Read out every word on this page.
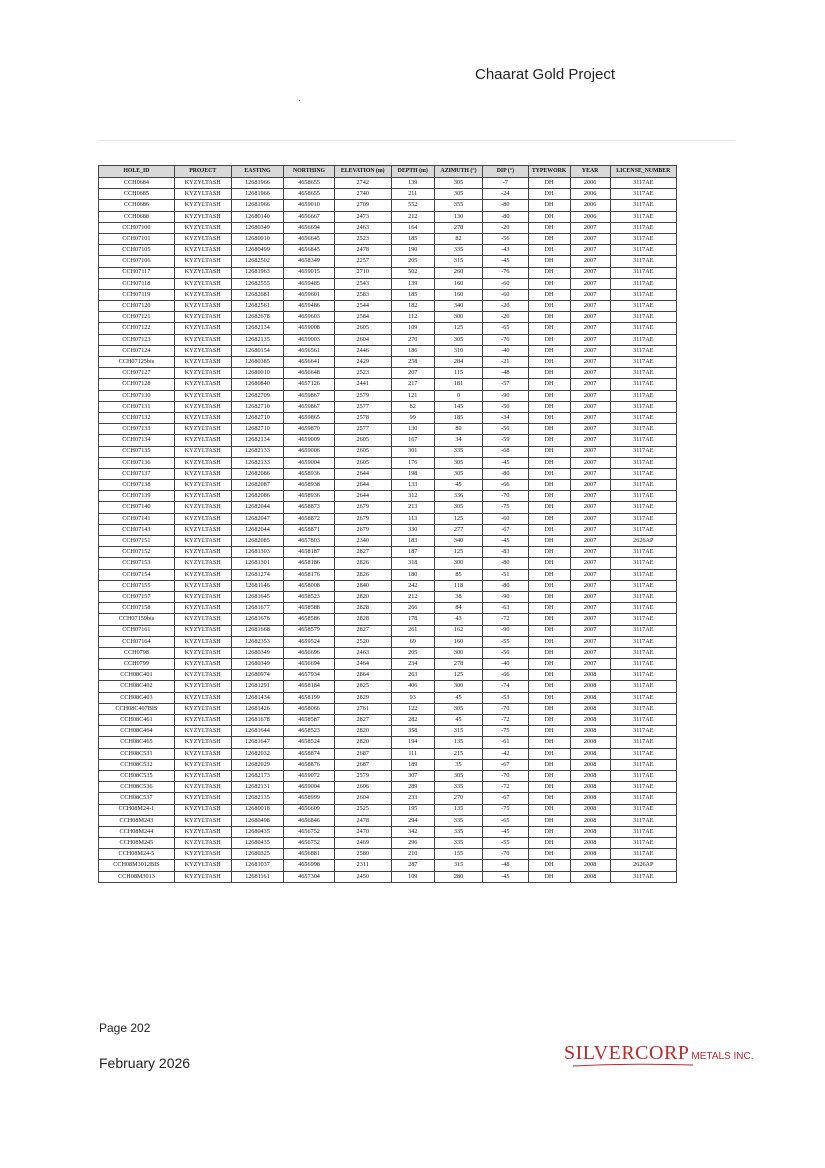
Chaarat Gold Project
HOLE_ID	PROJECT	EASTING	NORTHING	ELEVATION (m)	DEPTH (m)	AZIMUTH (°)	DIP (°)	TYPEWORK	YEAR	LICENSE_NUMBER
CCH0684	KYZYLTASH	12681966	4658655	2742	139	305	-7	DH	2006	3117AE
CCH0685	KYZYLTASH	12681966	4658655	2740	211	305	-24	DH	2006	3117AE
CCH0686	KYZYLTASH	12681966	4659010	2709	552	355	-80	DH	2006	3117AE
CCH0688	KYZYLTASH	12680140	4656667	2473	212	130	-80	DH	2006	3117AE
CCH07100	KYZYLTASH	12680349	4656694	2463	164	278	-20	DH	2007	3117AE
CCH07101	KYZYLTASH	12680010	4656645	2523	185	82	-56	DH	2007	3117AE
CCH07105	KYZYLTASH	12680499	4656845	2478	190	335	-43	DH	2007	3117AE
CCH07106	KYZYLTASH	12682502	4658349	2257	205	315	-45	DH	2007	3117AE
CCH07117	KYZYLTASH	12681963	4659015	2710	502	260	-76	DH	2007	3117AE
CCH07118	KYZYLTASH	12682555	4659485	2543	139	160	-60	DH	2007	3117AE
CCH07119	KYZYLTASH	12682681	4659601	2583	185	160	-60	DH	2007	3117AE
CCH07120	KYZYLTASH	12682561	4659486	2544	182	340	-20	DH	2007	3117AE
CCH07121	KYZYLTASH	12682678	4659603	2584	112	300	-20	DH	2007	3117AE
CCH07122	KYZYLTASH	12682134	4659008	2605	109	125	-65	DH	2007	3117AE
CCH07123	KYZYLTASH	12682135	4659003	2604	270	305	-76	DH	2007	3117AE
CCH07124	KYZYLTASH	12680154	4656561	2446	186	310	-40	DH	2007	3117AE
CCH07125bis	KYZYLTASH	12680385	4656641	2429	258	284	-21	DH	2007	3117AE
CCH07127	KYZYLTASH	12680010	4656648	2523	207	115	-48	DH	2007	3117AE
CCH07128	KYZYLTASH	12680840	4657126	2441	217	181	-57	DH	2007	3117AE
CCH07130	KYZYLTASH	12682709	4659867	2579	121	0	-90	DH	2007	3117AE
CCH07131	KYZYLTASH	12682710	4659867	2577	82	145	-50	DH	2007	3117AE
CCH07132	KYZYLTASH	12682710	4659865	2578	99	185	-34	DH	2007	3117AE
CCH07133	KYZYLTASH	12682710	4659870	2577	130	80	-50	DH	2007	3117AE
CCH07134	KYZYLTASH	12682134	4659009	2605	167	34	-59	DH	2007	3117AE
CCH07135	KYZYLTASH	12682133	4659006	2605	301	335	-68	DH	2007	3117AE
CCH07136	KYZYLTASH	12682133	4659004	2605	176	305	-45	DH	2007	3117AE
CCH07137	KYZYLTASH	12682086	4658936	2644	198	305	-80	DH	2007	3117AE
CCH07138	KYZYLTASH	12682087	4658938	2644	133	45	-66	DH	2007	3117AE
CCH07139	KYZYLTASH	12682086	4658936	2644	312	336	-70	DH	2007	3117AE
CCH07140	KYZYLTASH	12682044	4658873	2679	213	305	-75	DH	2007	3117AE
CCH07141	KYZYLTASH	12682047	4658872	2679	113	125	-60	DH	2007	3117AE
CCH07143	KYZYLTASH	12682044	4658871	2679	330	277	-67	DH	2007	3117AE
CCH07151	KYZYLTASH	12682085	4657803	2340	183	340	-45	DH	2007	2626AP
CCH07152	KYZYLTASH	12681303	4658187	2827	187	125	-83	DH	2007	3117AE
CCH07153	KYZYLTASH	12681301	4658186	2826	318	300	-80	DH	2007	3117AE
CCH07154	KYZYLTASH	12681274	4658176	2826	180	85	-51	DH	2007	3117AE
CCH07155	KYZYLTASH	12681146	4658008	2840	242	118	-80	DH	2007	3117AE
CCH07157	KYZYLTASH	12681645	4658523	2820	212	38	-90	DH	2007	3117AE
CCH07158	KYZYLTASH	12681677	4658588	2828	266	84	-63	DH	2007	3117AE
CCH07159bis	KYZYLTASH	12681676	4658586	2828	178	43	-72	DH	2007	3117AE
CCH07161	KYZYLTASH	12681668	4658579	2827	261	162	-90	DH	2007	3117AE
CCH07164	KYZYLTASH	12682353	4659524	2520	69	160	-55	DH	2007	3117AE
CCH0798	KYZYLTASH	12680349	4656696	2463	205	300	-50	DH	2007	3117AE
CCH0799	KYZYLTASH	12680349	4656694	2464	234	278	-40	DH	2007	3117AE
CCH08C401	KYZYLTASH	12680974	4657934	2864	263	125	-66	DH	2008	3117AE
CCH08C402	KYZYLTASH	12681291	4658184	2825	406	300	-74	DH	2008	3117AE
CCH08C403	KYZYLTASH	12681434	4658199	2829	93	45	-53	DH	2008	3117AE
CCH08C407BIS	KYZYLTASH	12681426	4658066	2761	122	305	-70	DH	2008	3117AE
CCH08C461	KYZYLTASH	12681678	4658587	2827	282	45	-72	DH	2008	3117AE
CCH08C464	KYZYLTASH	12681644	4658523	2820	358	315	-75	DH	2008	3117AE
CCH08C465	KYZYLTASH	12681647	4658524	2820	194	135	-61	DH	2008	3117AE
CCH08C531	KYZYLTASH	12682032	4658874	2687	111	215	-42	DH	2008	3117AE
CCH08C532	KYZYLTASH	12682029	4658876	2687	189	35	-67	DH	2008	3117AE
CCH08C535	KYZYLTASH	12682173	4659072	2579	307	305	-70	DH	2008	3117AE
CCH08C536	KYZYLTASH	12682131	4659004	2606	289	335	-72	DH	2008	3117AE
CCH08C537	KYZYLTASH	12682135	4658999	2604	233	270	-67	DH	2008	3117AE
CCH08M24-1	KYZYLTASH	12680018	4656609	2525	195	135	-75	DH	2008	3117AE
CCH08M243	KYZYLTASH	12680498	4656846	2478	294	335	-65	DH	2008	3117AE
CCH08M244	KYZYLTASH	12680435	4656752	2470	342	335	-45	DH	2008	3117AE
CCH08M245	KYZYLTASH	12680435	4656752	2469	296	335	-55	DH	2008	3117AE
CCH08M24-5	KYZYLTASH	12680325	4656881	2580	210	155	-70	DH	2008	3117AE
CCH08M3012BIS	KYZYLTASH	12681037	4656998	2311	287	315	-48	DH	2008	2626AP
CCH08M3013	KYZYLTASH	12681161	4657304	2450	109	280	-45	DH	2008	3117AE
Page 202
February 2026	SILVERCORP METALS INC.
